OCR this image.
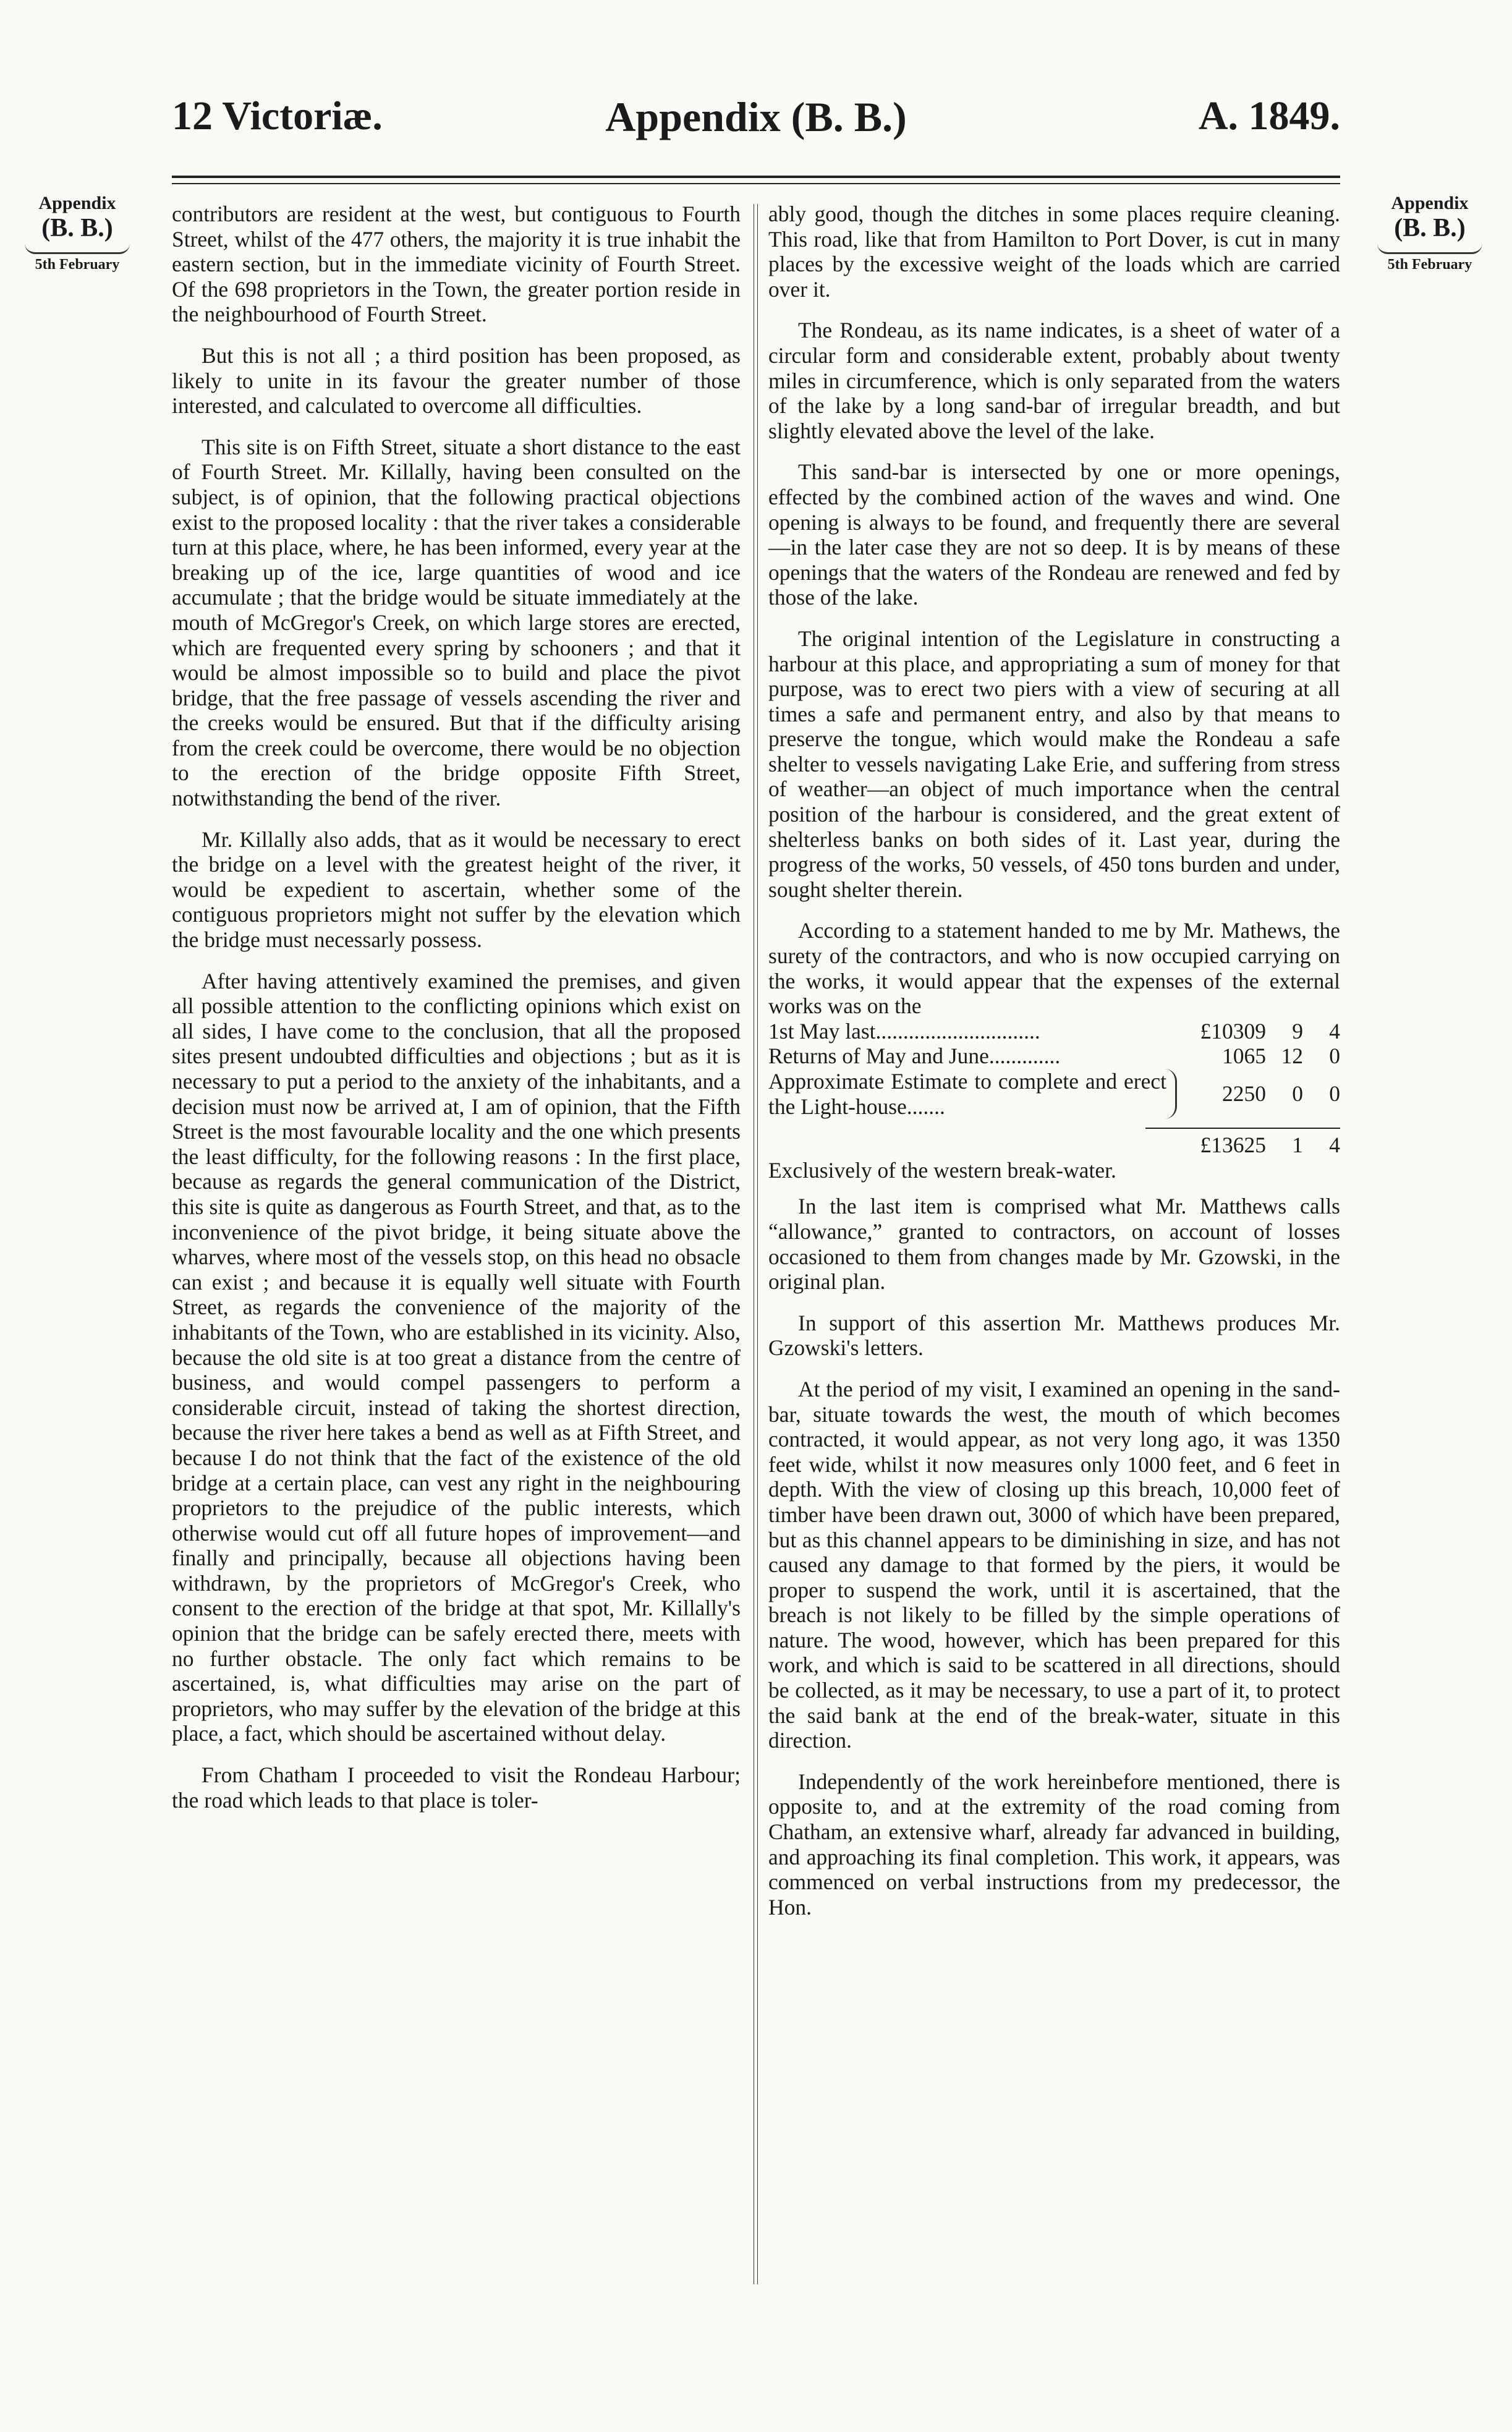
12 Victoriæ.	Appendix (B. B.)	A. 1849.
Appendix
(B. B.)
5th February
Appendix
(B. B.)
5th February

contributors are resident at the west, but contiguous to Fourth Street, whilst of the 477 others, the majority it is true inhabit the eastern section, but in the immediate vicinity of Fourth Street. Of the 698 proprietors in the Town, the greater portion reside in the neighbourhood of Fourth Street.

But this is not all ; a third position has been proposed, as likely to unite in its favour the greater number of those interested, and calculated to overcome all difficulties.

This site is on Fifth Street, situate a short distance to the east of Fourth Street. Mr. Killally, having been consulted on the subject, is of opinion, that the following practical objections exist to the proposed locality : that the river takes a considerable turn at this place, where, he has been informed, every year at the breaking up of the ice, large quantities of wood and ice accumulate ; that the bridge would be situate immediately at the mouth of McGregor's Creek, on which large stores are erected, which are frequented every spring by schooners ; and that it would be almost impossible so to build and place the pivot bridge, that the free passage of vessels ascending the river and the creeks would be ensured. But that if the difficulty arising from the creek could be overcome, there would be no objection to the erection of the bridge opposite Fifth Street, notwithstanding the bend of the river.

Mr. Killally also adds, that as it would be necessary to erect the bridge on a level with the greatest height of the river, it would be expedient to ascertain, whether some of the contiguous proprietors might not suffer by the elevation which the bridge must necessarly possess.

After having attentively examined the premises, and given all possible attention to the conflicting opinions which exist on all sides, I have come to the conclusion, that all the proposed sites present undoubted difficulties and objections ; but as it is necessary to put a period to the anxiety of the inhabitants, and a decision must now be arrived at, I am of opinion, that the Fifth Street is the most favourable locality and the one which presents the least difficulty, for the following reasons : In the first place, because as regards the general communication of the District, this site is quite as dangerous as Fourth Street, and that, as to the inconvenience of the pivot bridge, it being situate above the wharves, where most of the vessels stop, on this head no obsacle can exist ; and because it is equally well situate with Fourth Street, as regards the convenience of the majority of the inhabitants of the Town, who are established in its vicinity. Also, because the old site is at too great a distance from the centre of business, and would compel passengers to perform a considerable circuit, instead of taking the shortest direction, because the river here takes a bend as well as at Fifth Street, and because I do not think that the fact of the existence of the old bridge at a certain place, can vest any right in the neighbouring proprietors to the prejudice of the public interests, which otherwise would cut off all future hopes of improvement—and finally and principally, because all objections having been withdrawn, by the proprietors of McGregor's Creek, who consent to the erection of the bridge at that spot, Mr. Killally's opinion that the bridge can be safely erected there, meets with no further obstacle. The only fact which remains to be ascertained, is, what difficulties may arise on the part of proprietors, who may suffer by the elevation of the bridge at this place, a fact, which should be ascertained without delay.

From Chatham I proceeded to visit the Rondeau Harbour; the road which leads to that place is toler-

ably good, though the ditches in some places require cleaning. This road, like that from Hamilton to Port Dover, is cut in many places by the excessive weight of the loads which are carried over it.

The Rondeau, as its name indicates, is a sheet of water of a circular form and considerable extent, probably about twenty miles in circumference, which is only separated from the waters of the lake by a long sand-bar of irregular breadth, and but slightly elevated above the level of the lake.

This sand-bar is intersected by one or more openings, effected by the combined action of the waves and wind. One opening is always to be found, and frequently there are several—in the later case they are not so deep. It is by means of these openings that the waters of the Rondeau are renewed and fed by those of the lake.

The original intention of the Legislature in constructing a harbour at this place, and appropriating a sum of money for that purpose, was to erect two piers with a view of securing at all times a safe and permanent entry, and also by that means to preserve the tongue, which would make the Rondeau a safe shelter to vessels navigating Lake Erie, and suffering from stress of weather—an object of much importance when the central position of the harbour is considered, and the great extent of shelterless banks on both sides of it. Last year, during the progress of the works, 50 vessels, of 450 tons burden and under, sought shelter therein.

According to a statement handed to me by Mr. Mathews, the surety of the contractors, and who is now occupied carrying on the works, it would appear that the expenses of the external works was on the

1st May last..............................	£10309	9	4
Returns of May and June.............	1065 12	0
Approximate Estimate to complete and erect the Light-house.......
2250	0	0
£13625	1	4
Exclusively of the western break-water.

In the last item is comprised what Mr. Matthews calls “allowance,” granted to contractors, on account of losses occasioned to them from changes made by Mr. Gzowski, in the original plan.

In support of this assertion Mr. Matthews produces Mr. Gzowski's letters.

At the period of my visit, I examined an opening in the sand-bar, situate towards the west, the mouth of which becomes contracted, it would appear, as not very long ago, it was 1350 feet wide, whilst it now measures only 1000 feet, and 6 feet in depth. With the view of closing up this breach, 10,000 feet of timber have been drawn out, 3000 of which have been prepared, but as this channel appears to be diminishing in size, and has not caused any damage to that formed by the piers, it would be proper to suspend the work, until it is ascertained, that the breach is not likely to be filled by the simple operations of nature. The wood, however, which has been prepared for this work, and which is said to be scattered in all directions, should be collected, as it may be necessary, to use a part of it, to protect the said bank at the end of the break-water, situate in this direction.

Independently of the work hereinbefore mentioned, there is opposite to, and at the extremity of the road coming from Chatham, an extensive wharf, already far advanced in building, and approaching its final completion. This work, it appears, was commenced on verbal instructions from my predecessor, the Hon.
